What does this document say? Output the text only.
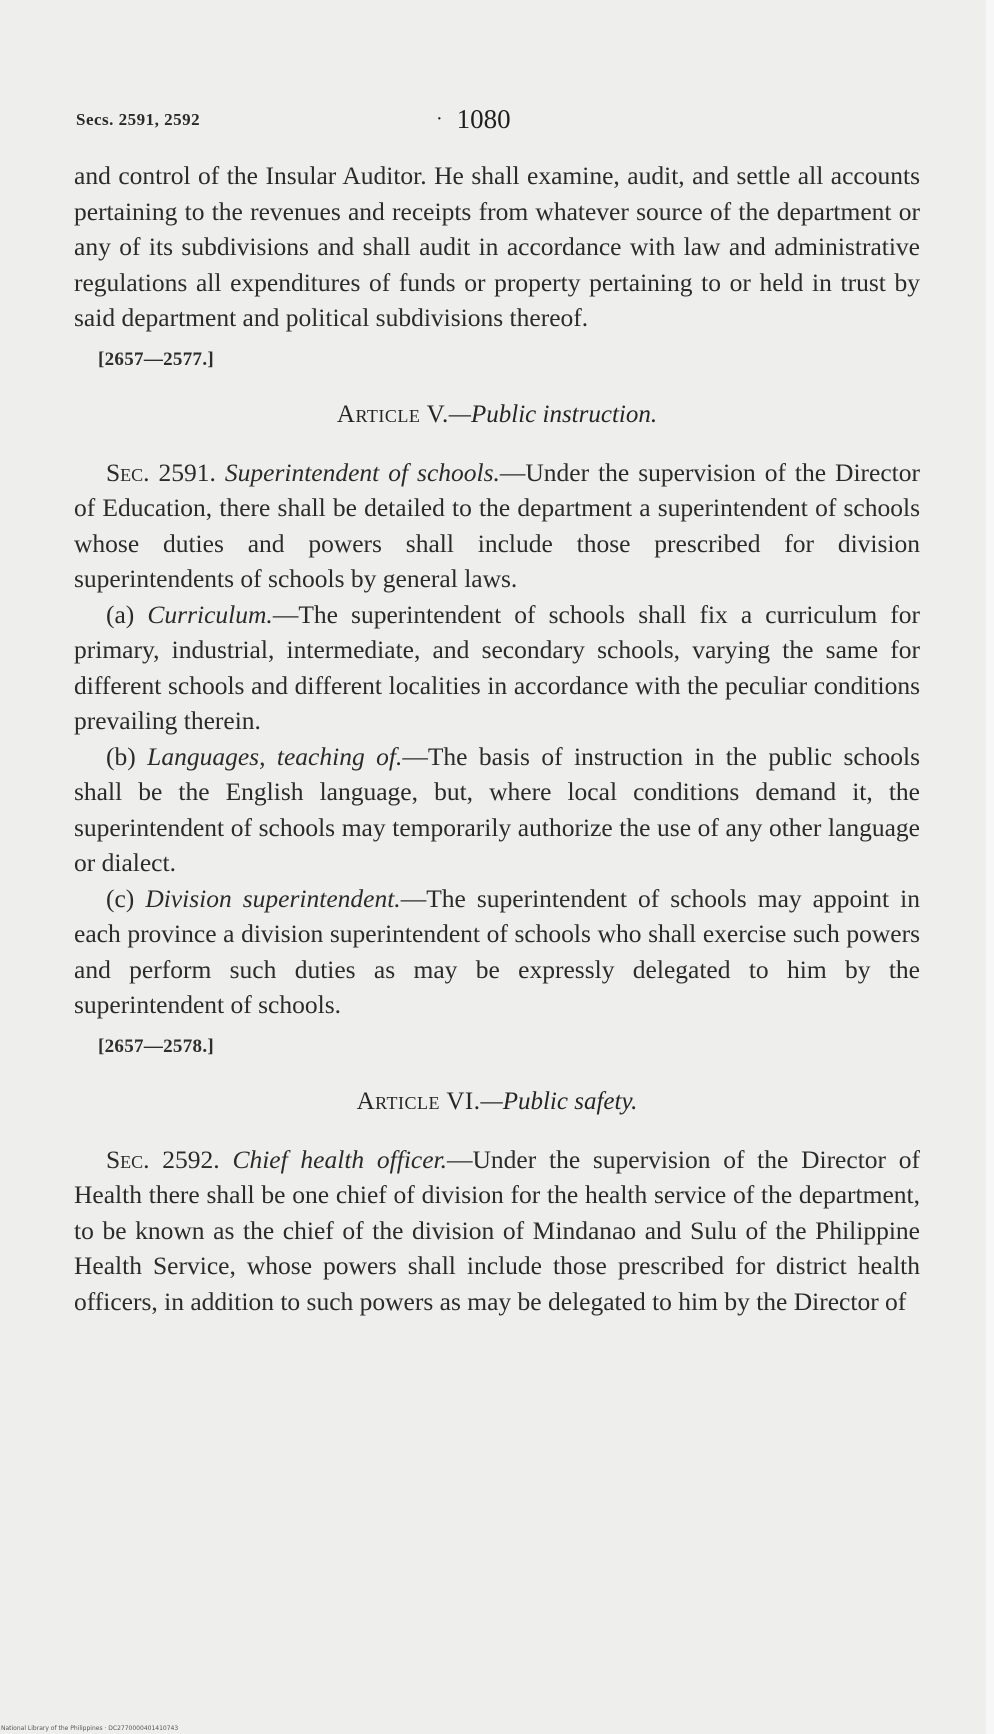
Secs. 2591, 2592	· 1080

and control of the Insular Auditor. He shall examine, audit, and settle all accounts pertaining to the revenues and receipts from whatever source of the department or any of its subdivisions and shall audit in accordance with law and administrative regulations all expenditures of funds or property pertaining to or held in trust by said department and political subdivisions thereof.

[2657—2577.]
Article V.—Public instruction.

Sec. 2591. Superintendent of schools.—Under the supervision of the Director of Education, there shall be detailed to the department a superintendent of schools whose duties and powers shall include those prescribed for division superintendents of schools by general laws.

(a) Curriculum.—The superintendent of schools shall fix a curriculum for primary, industrial, intermediate, and secondary schools, varying the same for different schools and different localities in accordance with the peculiar conditions prevailing therein.

(b) Languages, teaching of.—The basis of instruction in the public schools shall be the English language, but, where local conditions demand it, the superintendent of schools may temporarily authorize the use of any other language or dialect.

(c) Division superintendent.—The superintendent of schools may appoint in each province a division superintendent of schools who shall exercise such powers and perform such duties as may be expressly delegated to him by the superintendent of schools.

[2657—2578.]
Article VI.—Public safety.

Sec. 2592. Chief health officer.—Under the supervision of the Director of Health there shall be one chief of division for the health service of the department, to be known as the chief of the division of Mindanao and Sulu of the Philippine Health Service, whose powers shall include those prescribed for district health officers, in addition to such powers as may be delegated to him by the Director of

National Library of the Philippines · DC2770000401410743
